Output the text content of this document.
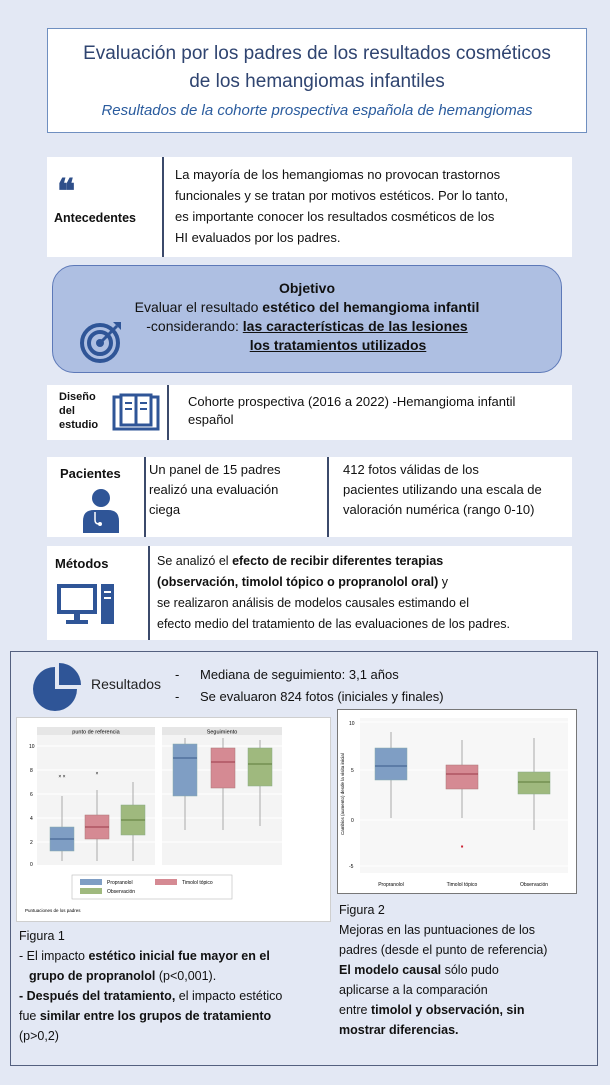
Evaluación por los padres de los resultados cosméticos
de los hemangiomas infantiles
Resultados de la cohorte prospectiva española de hemangiomas
❝
Antecedentes
La mayoría de los hemangiomas no provocan trastornos
funcionales y se tratan por motivos estéticos. Por lo tanto,
es importante conocer los resultados cosméticos de los
HI evaluados por los padres.
Objetivo
Evaluar el resultado estético del hemangioma infantil
-considerando: las características de las lesiones
los tratamientos utilizados
Diseño
del
estudio
Cohorte prospectiva (2016 a 2022) -Hemangioma infantil
español
Pacientes Un panel de 15 padres
realizó una evaluación
ciega
412 fotos válidas de los
pacientes utilizando una escala de
valoración numérica (rango 0-10)
Métodos	Se analizó el efecto de recibir diferentes terapias
(observación, timolol tópico o propranolol oral) y
se realizaron análisis de modelos causales estimando el
efecto medio del tratamiento de las evaluaciones de los padres.
Resultados
- Mediana de seguimiento: 3,1 años
- Se evaluaron 824 fotos (iniciales y finales)
punto de referencia	Seguimiento
10
8
6
4
2
0
× ×	×
Propranolol	Timolol tópico
Observación
Puntuaciones de los padres
Figura 1
- El impacto estético inicial fue mayor en el
grupo de propranolol (p<0,001).
- Después del tratamiento, el impacto estético
fue similar entre los grupos de tratamiento
(p>0,2)
10
5
0
-5
Cambios (aumento) desde la visita inicial
▪
Propranolol	Timolol tópico	Observación
Figura 2
Mejoras en las puntuaciones de los
padres (desde el punto de referencia)
El modelo causal sólo pudo
aplicarse a la comparación
entre timolol y observación, sin
mostrar diferencias.
